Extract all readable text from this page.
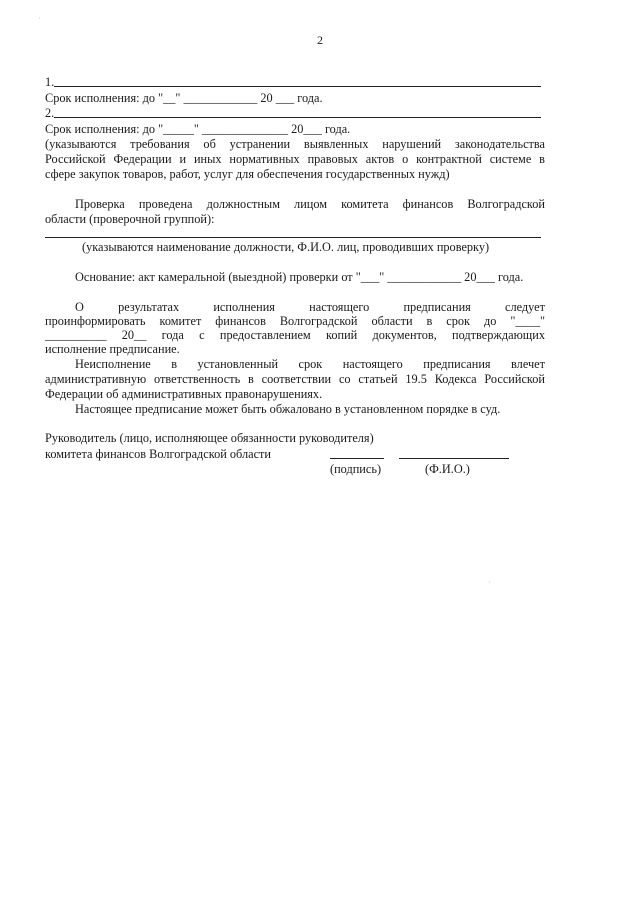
·
2
1.
Срок исполнения: до "__" ____________ 20 ___ года.
2.
Срок исполнения: до "_____" ______________ 20___ года.
(указываются требования об устранении выявленных нарушений законодательства
Российской Федерации и иных нормативных правовых актов о контрактной системе в
сфере закупок товаров, работ, услуг для обеспечения государственных нужд)
Проверка проведена должностным лицом комитета финансов Волгоградской
области (проверочной группой):
(указываются наименование должности, Ф.И.О. лиц, проводивших проверку)
Основание: акт камеральной (выездной) проверки от "___" ____________ 20___ года.
О результатах исполнения настоящего предписания следует
проинформировать комитет финансов Волгоградской области в срок до "____"
__________ 20__ года с предоставлением копий документов, подтверждающих
исполнение предписание.
Неисполнение в установленный срок настоящего предписания влечет
административную ответственность в соответствии со статьей 19.5 Кодекса Российской
Федерации об административных правонарушениях.
Настоящее предписание может быть обжаловано в установленном порядке в суд.
Руководитель (лицо, исполняющее обязанности руководителя)
комитета финансов Волгоградской области
(подпись)	(Ф.И.О.)
·
